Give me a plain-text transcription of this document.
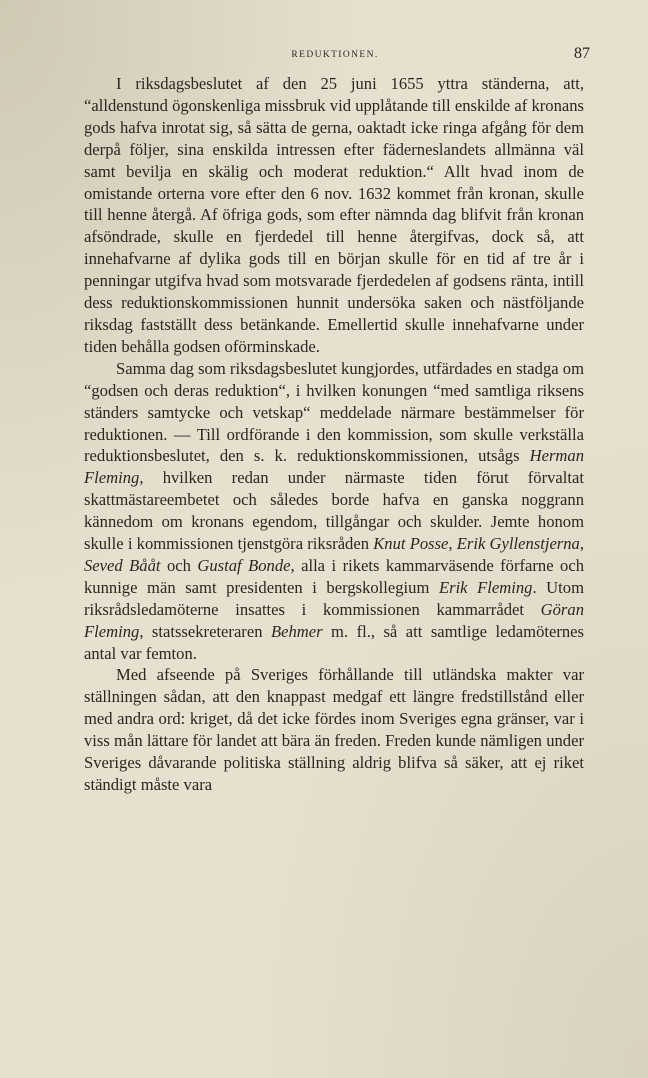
REDUKTIONEN.	87

I riksdagsbeslutet af den 25 juni 1655 yttra ständerna, att, “alldenstund ögonskenliga missbruk vid upplåtande till enskilde af kronans gods hafva inrotat sig, så sätta de gerna, oaktadt icke ringa afgång för dem derpå följer, sina enskilda intressen efter fäderneslandets allmänna väl samt bevilja en skälig och moderat reduktion.“ Allt hvad inom de omistande orterna vore efter den 6 nov. 1632 kommet från kronan, skulle till henne återgå. Af öfriga gods, som efter nämnda dag blifvit från kronan afsöndrade, skulle en fjerdedel till henne återgifvas, dock så, att innehafvarne af dylika gods till en början skulle för en tid af tre år i penningar utgifva hvad som motsvarade fjerdedelen af godsens ränta, intill dess reduktionskommissionen hunnit undersöka saken och nästföljande riksdag fastställt dess betänkande. Emellertid skulle innehafvarne under tiden behålla godsen oförminskade.

Samma dag som riksdagsbeslutet kungjordes, utfärdades en stadga om “godsen och deras reduktion“, i hvilken konungen “med samtliga riksens ständers samtycke och vetskap“ meddelade närmare bestämmelser för reduktionen. — Till ordförande i den kommission, som skulle verkställa reduktionsbeslutet, den s. k. reduktionskommissionen, utsågs Herman Fleming, hvilken redan under närmaste tiden förut förvaltat skattmästareembetet och således borde hafva en ganska noggrann kännedom om kronans egendom, tillgångar och skulder. Jemte honom skulle i kommissionen tjenstgöra riksråden Knut Posse, Erik Gyllenstjerna, Seved Bååt och Gustaf Bonde, alla i rikets kammarväsende förfarne och kunnige män samt presidenten i bergskollegium Erik Fleming. Utom riksrådsledamöterne insattes i kommissionen kammarrådet Göran Fleming, statssekreteraren Behmer m. fl., så att samtlige ledamöternes antal var femton.

Med afseende på Sveriges förhållande till utländska makter var ställningen sådan, att den knappast medgaf ett längre fredstillstånd eller med andra ord: kriget, då det icke fördes inom Sveriges egna gränser, var i viss mån lättare för landet att bära än freden. Freden kunde nämligen under Sveriges dåvarande politiska ställning aldrig blifva så säker, att ej riket ständigt måste vara
